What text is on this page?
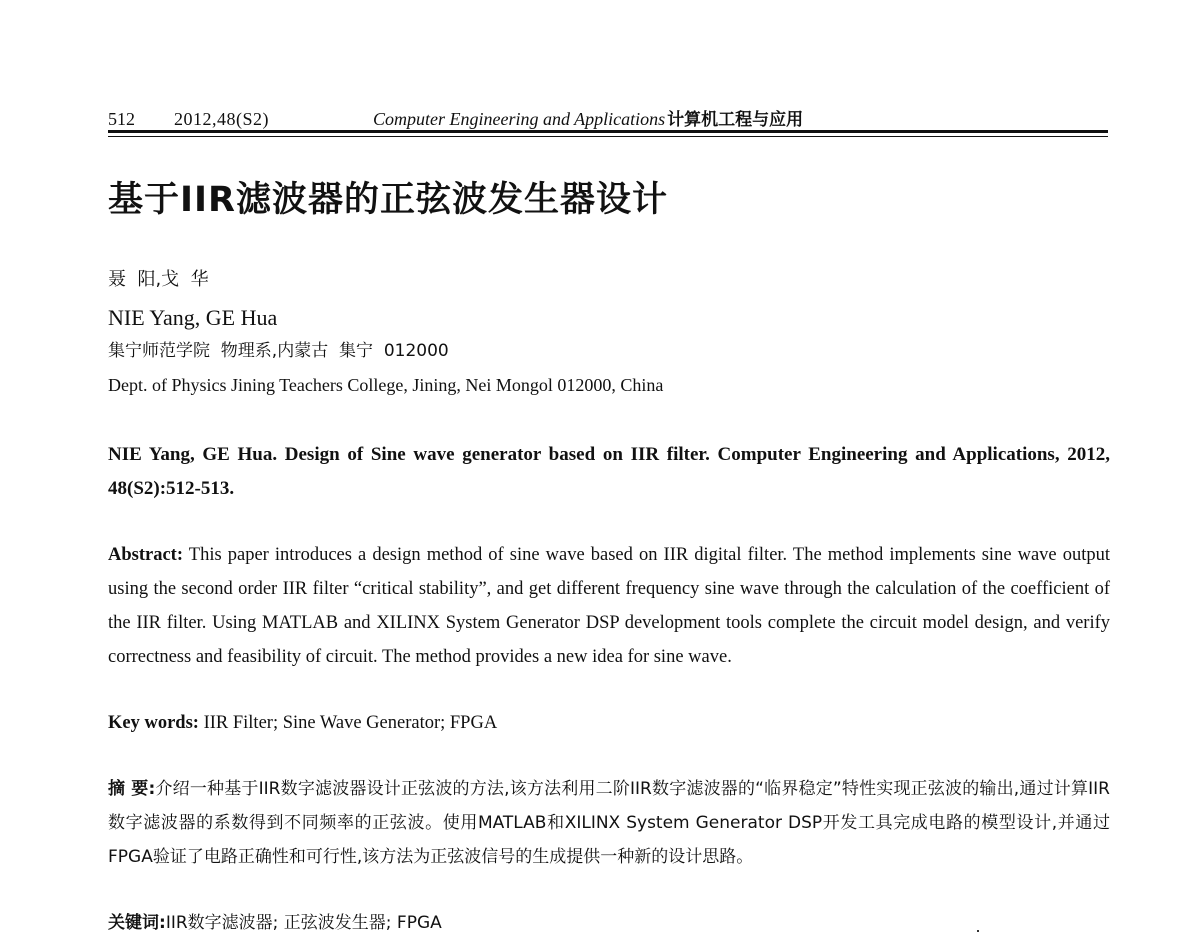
512 2012,48(S2)	Computer Engineering and Applications 计算机工程与应用
基于IIR滤波器的正弦波发生器设计
聂  阳,戈  华
NIE Yang, GE Hua
集宁师范学院  物理系,内蒙古  集宁  012000
Dept. of Physics Jining Teachers College, Jining, Nei Mongol 012000, China
NIE Yang, GE Hua. Design of Sine wave generator based on IIR filter. Computer Engineering and Applications, 2012, 48(S2):512-513.
Abstract: This paper introduces a design method of sine wave based on IIR digital filter. The method implements sine wave output using the second order IIR filter “critical stability”, and get different frequency sine wave through the calculation of the coefficient of the IIR filter. Using MATLAB and XILINX System Generator DSP development tools complete the circuit model design, and verify correctness and feasibility of circuit. The method provides a new idea for sine wave.
Key words: IIR Filter; Sine Wave Generator; FPGA
摘 要:介绍一种基于IIR数字滤波器设计正弦波的方法,该方法利用二阶IIR数字滤波器的“临界稳定”特性实现正弦波的输出,通过计算IIR数字滤波器的系数得到不同频率的正弦波。使用MATLAB和XILINX System Generator DSP开发工具完成电路的模型设计,并通过FPGA验证了电路正确性和可行性,该方法为正弦波信号的生成提供一种新的设计思路。
关键词:IIR数字滤波器; 正弦波发生器; FPGA
